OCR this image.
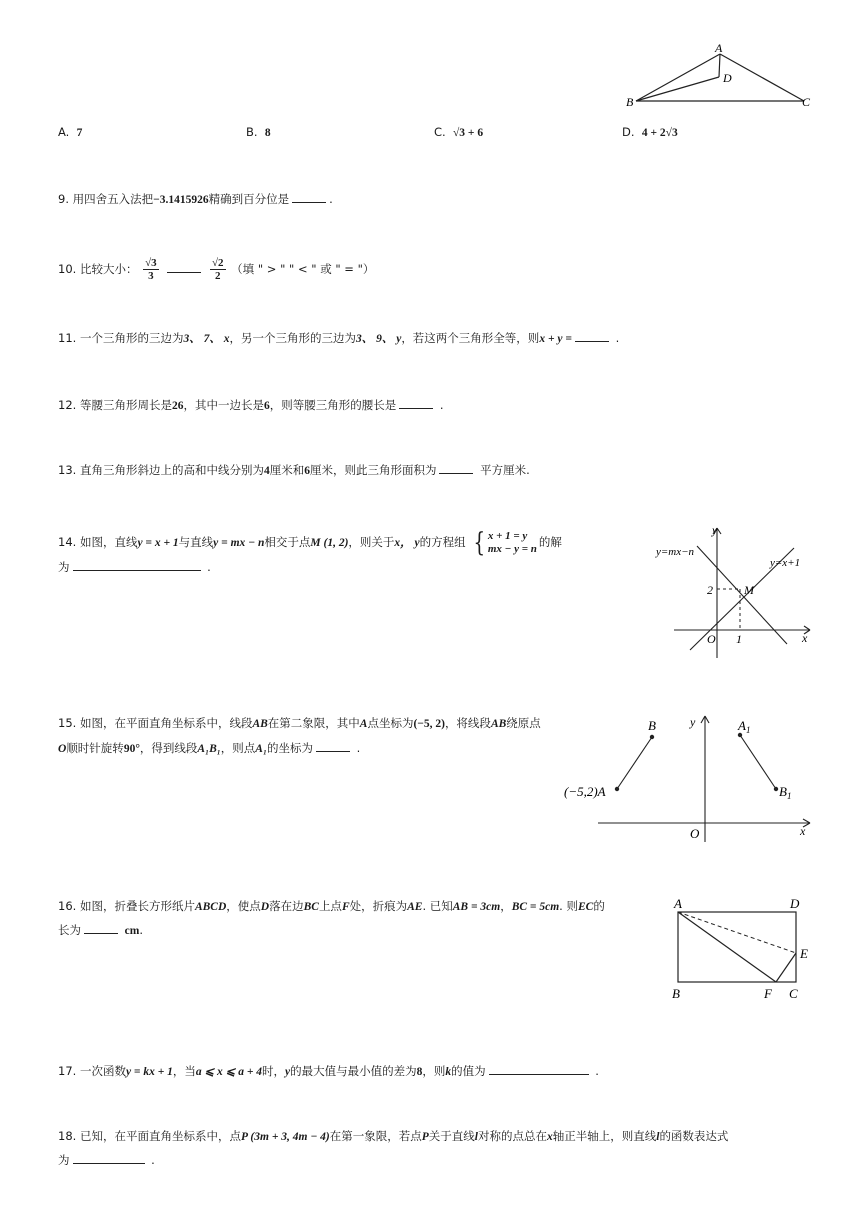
A
D
B	C
A. 7	B. 8	C. √3 + 6	D. 4 + 2√3
9. 用四舍五入法把−3.1415926精确到百分位是	.
10. 比较大小： $\frac{√3}{3}$
	$\frac{√2}{2}$ （填 " > " " < " 或 " = "）
11. 一个三角形的三边为3、 7、 x，另一个三角形的三边为3、 9、 y，若这两个三角形全等，则x + y =	.
12. 等腰三角形周长是26，其中一边长是6，则等腰三角形的腰长是	.
13. 直角三角形斜边上的高和中线分别为4厘米和6厘米，则此三角形面积为	平方厘米.
14. 如图，直线y = x + 1与直线y = mx − n相交于点M (1, 2)，则关于x， y的方程组 { x + 1 = y
mx − y = n 的解
为	.
y
x
O 1
2	M
y=mx−n
y=x+1
15. 如图，在平面直角坐标系中，线段AB在第二象限，其中A点坐标为(−5, 2)，将线段AB绕原点
O顺时针旋转90°，得到线段A₁B₁，则点A₁的坐标为	.
B
(−5,2)A
$A_1$
$B_1$
y
x
O
16. 如图，折叠长方形纸片ABCD，使点D落在边BC上点F处，折痕为AE. 已知AB = 3cm，BC = 5cm. 则EC的
长为	cm.
A	D
E
B	F C
17. 一次函数y = kx + 1，当a ⩽ x ⩽ a + 4时，y的最大值与最小值的差为8，则k的值为	.
18. 已知，在平面直角坐标系中，点P (3m + 3, 4m − 4)在第一象限，若点P关于直线l对称的点总在x轴正半轴上，则直线l的函数表达式
为	.
